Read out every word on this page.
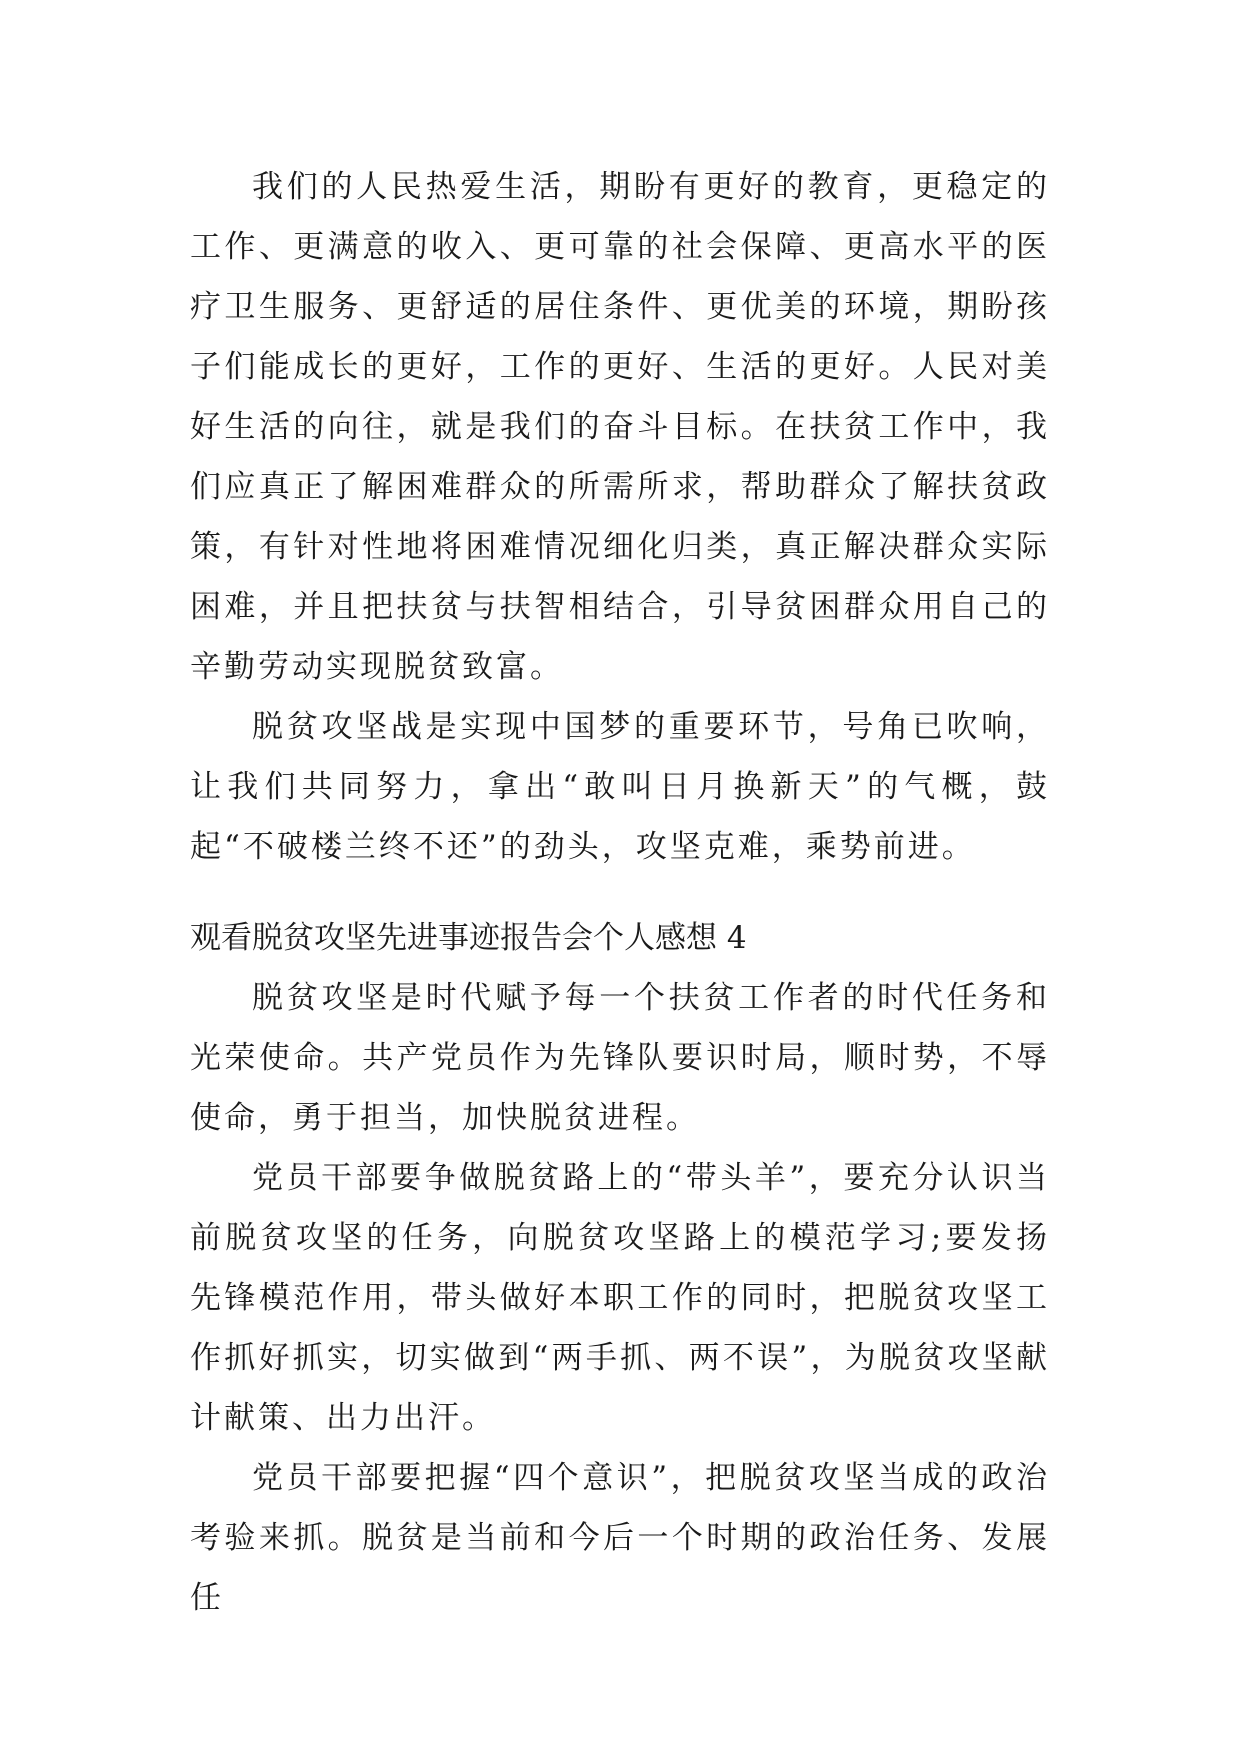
我们的人民热爱生活，期盼有更好的教育，更稳定的工作、更满意的收入、更可靠的社会保障、更高水平的医疗卫生服务、更舒适的居住条件、更优美的环境，期盼孩子们能成长的更好，工作的更好、生活的更好。人民对美好生活的向往，就是我们的奋斗目标。在扶贫工作中，我们应真正了解困难群众的所需所求，帮助群众了解扶贫政策，有针对性地将困难情况细化归类，真正解决群众实际困难，并且把扶贫与扶智相结合，引导贫困群众用自己的辛勤劳动实现脱贫致富。

脱贫攻坚战是实现中国梦的重要环节，号角已吹响，让我们共同努力，拿出“敢叫日月换新天”的气概，鼓起“不破楼兰终不还”的劲头，攻坚克难，乘势前进。

观看脱贫攻坚先进事迹报告会个人感想 4

脱贫攻坚是时代赋予每一个扶贫工作者的时代任务和光荣使命。共产党员作为先锋队要识时局，顺时势，不辱使命，勇于担当，加快脱贫进程。

党员干部要争做脱贫路上的“带头羊”，要充分认识当前脱贫攻坚的任务，向脱贫攻坚路上的模范学习;要发扬先锋模范作用，带头做好本职工作的同时，把脱贫攻坚工作抓好抓实，切实做到“两手抓、两不误”，为脱贫攻坚献计献策、出力出汗。

党员干部要把握“四个意识”，把脱贫攻坚当成的政治考验来抓。脱贫是当前和今后一个时期的政治任务、发展任
